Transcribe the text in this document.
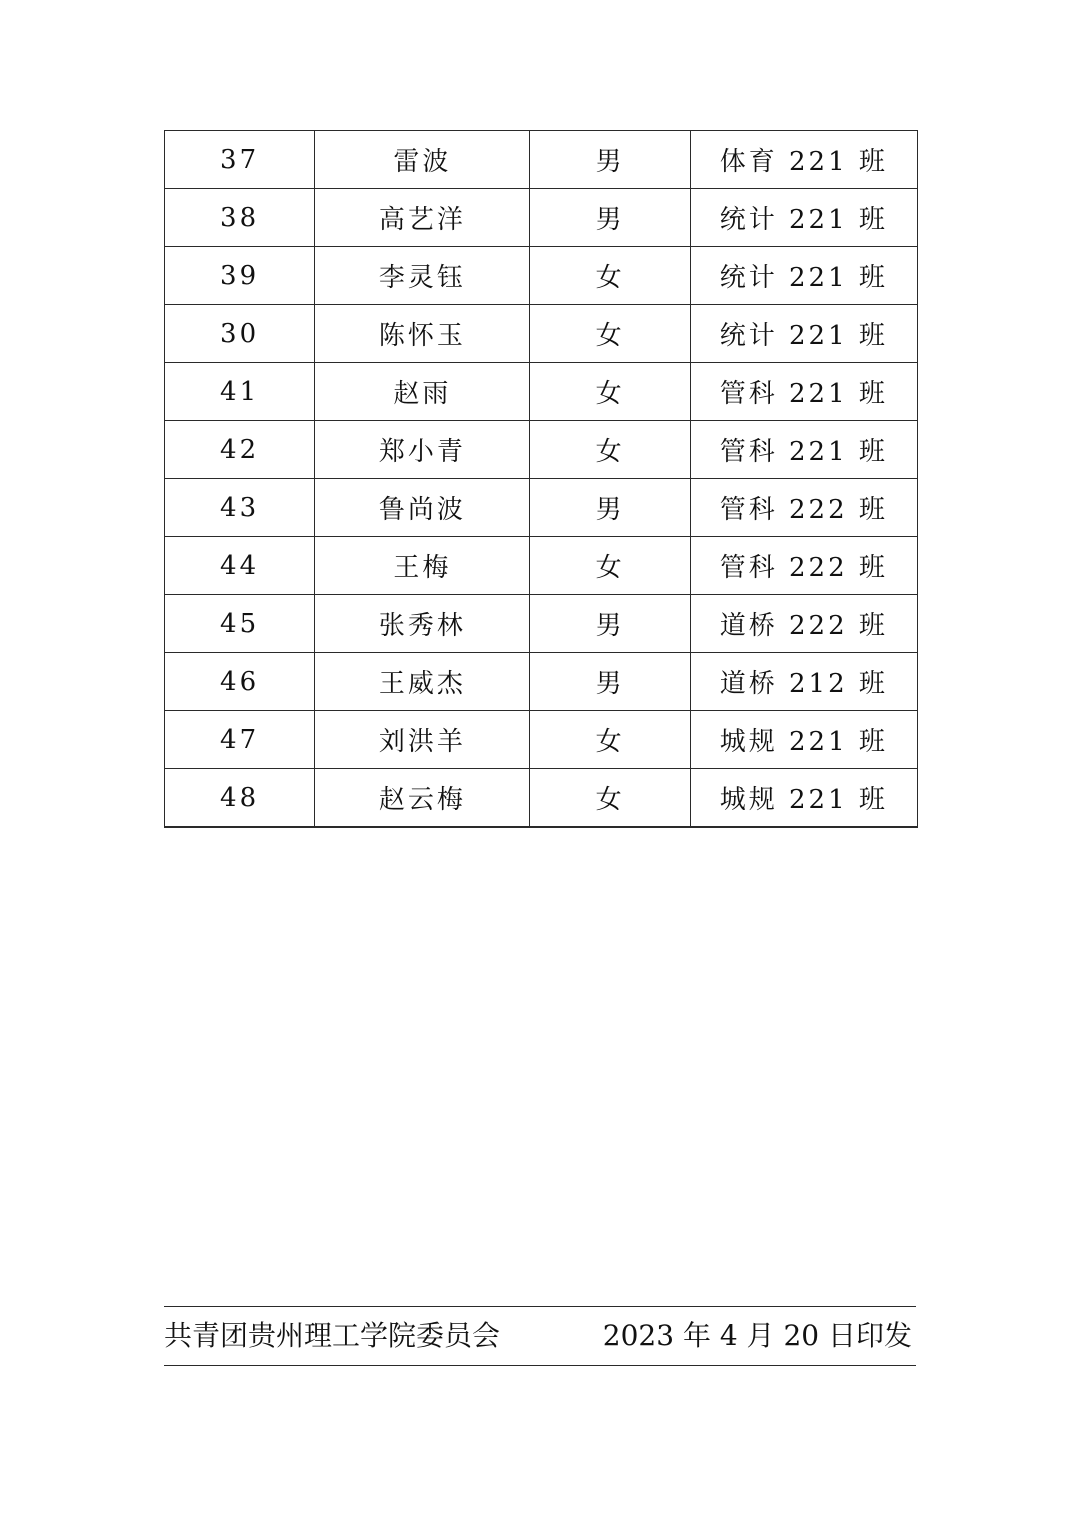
37	雷波	男	体育 221 班
38	高艺洋	男	统计 221 班
39	李灵钰	女	统计 221 班
30	陈怀玉	女	统计 221 班
41	赵雨	女	管科 221 班
42	郑小青	女	管科 221 班
43	鲁尚波	男	管科 222 班
44	王梅	女	管科 222 班
45	张秀林	男	道桥 222 班
46	王威杰	男	道桥 212 班
47	刘洪羊	女	城规 221 班
48	赵云梅	女	城规 221 班
共青团贵州理工学院委员会	2023 年 4 月 20 日印发
